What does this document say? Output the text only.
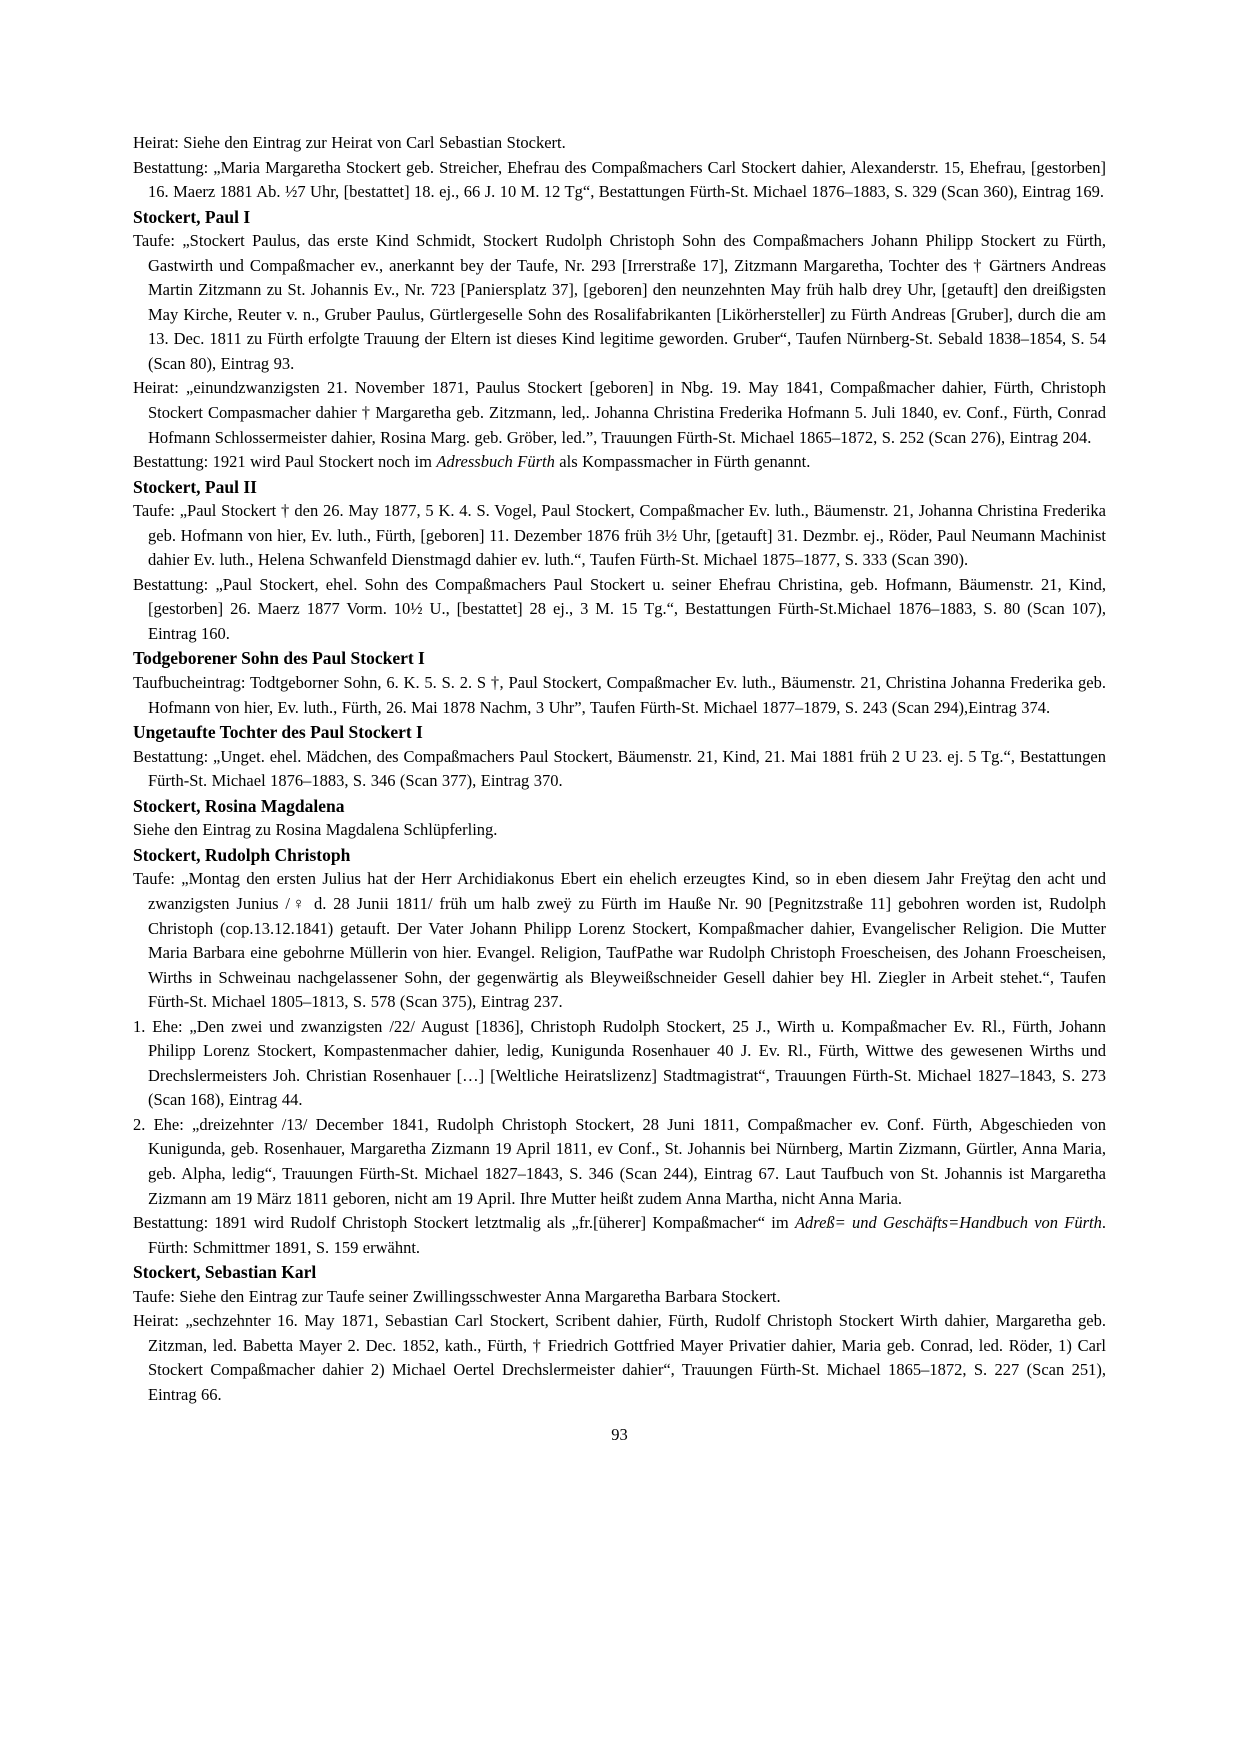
Heirat: Siehe den Eintrag zur Heirat von Carl Sebastian Stockert.

Bestattung: „Maria Margaretha Stockert geb. Streicher, Ehefrau des Compaßmachers Carl Stockert dahier, Alexanderstr. 15, Ehefrau, [gestorben] 16. Maerz 1881 Ab. ½7 Uhr, [bestattet] 18. ej., 66 J. 10 M. 12 Tg“, Bestattungen Fürth-St. Michael 1876–1883, S. 329 (Scan 360), Eintrag 169.

Stockert, Paul I

Taufe: „Stockert Paulus, das erste Kind Schmidt, Stockert Rudolph Christoph Sohn des Compaßmachers Johann Philipp Stockert zu Fürth, Gastwirth und Compaßmacher ev., anerkannt bey der Taufe, Nr. 293 [Irrerstraße 17], Zitzmann Margaretha, Tochter des † Gärtners Andreas Martin Zitzmann zu St. Johannis Ev., Nr. 723 [Paniersplatz 37], [geboren] den neunzehnten May früh halb drey Uhr, [getauft] den dreißigsten May Kirche, Reuter v. n., Gruber Paulus, Gürtlergeselle Sohn des Rosalifabrikanten [Likörhersteller] zu Fürth Andreas [Gruber], durch die am 13. Dec. 1811 zu Fürth erfolgte Trauung der Eltern ist dieses Kind legitime geworden. Gruber“, Taufen Nürnberg-St. Sebald 1838–1854, S. 54 (Scan 80), Eintrag 93.

Heirat: „einundzwanzigsten 21. November 1871, Paulus Stockert [geboren] in Nbg. 19. May 1841, Compaßmacher dahier, Fürth, Christoph Stockert Compasmacher dahier † Margaretha geb. Zitzmann, led,. Johanna Christina Frederika Hofmann 5. Juli 1840, ev. Conf., Fürth, Conrad Hofmann Schlossermeister dahier, Rosina Marg. geb. Gröber, led.”, Trauungen Fürth-St. Michael 1865–1872, S. 252 (Scan 276), Eintrag 204.

Bestattung: 1921 wird Paul Stockert noch im Adressbuch Fürth als Kompassmacher in Fürth genannt.

Stockert, Paul II

Taufe: „Paul Stockert † den 26. May 1877, 5 K. 4. S. Vogel, Paul Stockert, Compaßmacher Ev. luth., Bäumenstr. 21, Johanna Christina Frederika geb. Hofmann von hier, Ev. luth., Fürth, [geboren] 11. Dezember 1876 früh 3½ Uhr, [getauft] 31. Dezmbr. ej., Röder, Paul Neumann Machinist dahier Ev. luth., Helena Schwanfeld Dienstmagd dahier ev. luth.“, Taufen Fürth-St. Michael 1875–1877, S. 333 (Scan 390).

Bestattung: „Paul Stockert, ehel. Sohn des Compaßmachers Paul Stockert u. seiner Ehefrau Christina, geb. Hofmann, Bäumenstr. 21, Kind, [gestorben] 26. Maerz 1877 Vorm. 10½ U., [bestattet] 28 ej., 3 M. 15 Tg.“, Bestattungen Fürth-St.Michael 1876–1883, S. 80 (Scan 107), Eintrag 160.

Todgeborener Sohn des Paul Stockert I

Taufbucheintrag: Todtgeborner Sohn, 6. K. 5. S. 2. S †, Paul Stockert, Compaßmacher Ev. luth., Bäumenstr. 21, Christina Johanna Frederika geb. Hofmann von hier, Ev. luth., Fürth, 26. Mai 1878 Nachm, 3 Uhr”, Taufen Fürth-St. Michael 1877–1879, S. 243 (Scan 294),Eintrag 374.

Ungetaufte Tochter des Paul Stockert I

Bestattung: „Unget. ehel. Mädchen, des Compaßmachers Paul Stockert, Bäumenstr. 21, Kind, 21. Mai 1881 früh 2 U 23. ej. 5 Tg.“, Bestattungen Fürth-St. Michael 1876–1883, S. 346 (Scan 377), Eintrag 370.

Stockert, Rosina Magdalena

Siehe den Eintrag zu Rosina Magdalena Schlüpferling.

Stockert, Rudolph Christoph

Taufe: „Montag den ersten Julius hat der Herr Archidiakonus Ebert ein ehelich erzeugtes Kind, so in eben diesem Jahr Freÿtag den acht und zwanzigsten Junius /♀ d. 28 Junii 1811/ früh um halb zweÿ zu Fürth im Hauße Nr. 90 [Pegnitzstraße 11] gebohren worden ist, Rudolph Christoph (cop.13.12.1841) getauft. Der Vater Johann Philipp Lorenz Stockert, Kompaßmacher dahier, Evangelischer Religion. Die Mutter Maria Barbara eine gebohrne Müllerin von hier. Evangel. Religion, TaufPathe war Rudolph Christoph Froescheisen, des Johann Froescheisen, Wirths in Schweinau nachgelassener Sohn, der gegenwärtig als Bleyweißschneider Gesell dahier bey Hl. Ziegler in Arbeit stehet.“, Taufen Fürth-St. Michael 1805–1813, S. 578 (Scan 375), Eintrag 237.

1. Ehe: „Den zwei und zwanzigsten /22/ August [1836], Christoph Rudolph Stockert, 25 J., Wirth u. Kompaßmacher Ev. Rl., Fürth, Johann Philipp Lorenz Stockert, Kompastenmacher dahier, ledig, Kunigunda Rosenhauer 40 J. Ev. Rl., Fürth, Wittwe des gewesenen Wirths und Drechslermeisters Joh. Christian Rosenhauer […] [Weltliche Heiratslizenz] Stadtmagistrat“, Trauungen Fürth-St. Michael 1827–1843, S. 273 (Scan 168), Eintrag 44.

2. Ehe: „dreizehnter /13/ December 1841, Rudolph Christoph Stockert, 28 Juni 1811, Compaßmacher ev. Conf. Fürth, Abgeschieden von Kunigunda, geb. Rosenhauer, Margaretha Zizmann 19 April 1811, ev Conf., St. Johannis bei Nürnberg, Martin Zizmann, Gürtler, Anna Maria, geb. Alpha, ledig“, Trauungen Fürth-St. Michael 1827–1843, S. 346 (Scan 244), Eintrag 67. Laut Taufbuch von St. Johannis ist Margaretha Zizmann am 19 März 1811 geboren, nicht am 19 April. Ihre Mutter heißt zudem Anna Martha, nicht Anna Maria.

Bestattung: 1891 wird Rudolf Christoph Stockert letztmalig als „fr.[üherer] Kompaßmacher“ im Adreß= und Geschäfts=Handbuch von Fürth. Fürth: Schmittmer 1891, S. 159 erwähnt.

Stockert, Sebastian Karl

Taufe: Siehe den Eintrag zur Taufe seiner Zwillingsschwester Anna Margaretha Barbara Stockert.

Heirat: „sechzehnter 16. May 1871, Sebastian Carl Stockert, Scribent dahier, Fürth, Rudolf Christoph Stockert Wirth dahier, Margaretha geb. Zitzman, led. Babetta Mayer 2. Dec. 1852, kath., Fürth, † Friedrich Gottfried Mayer Privatier dahier, Maria geb. Conrad, led. Röder, 1) Carl Stockert Compaßmacher dahier 2) Michael Oertel Drechslermeister dahier“, Trauungen Fürth-St. Michael 1865–1872, S. 227 (Scan 251), Eintrag 66.

93
